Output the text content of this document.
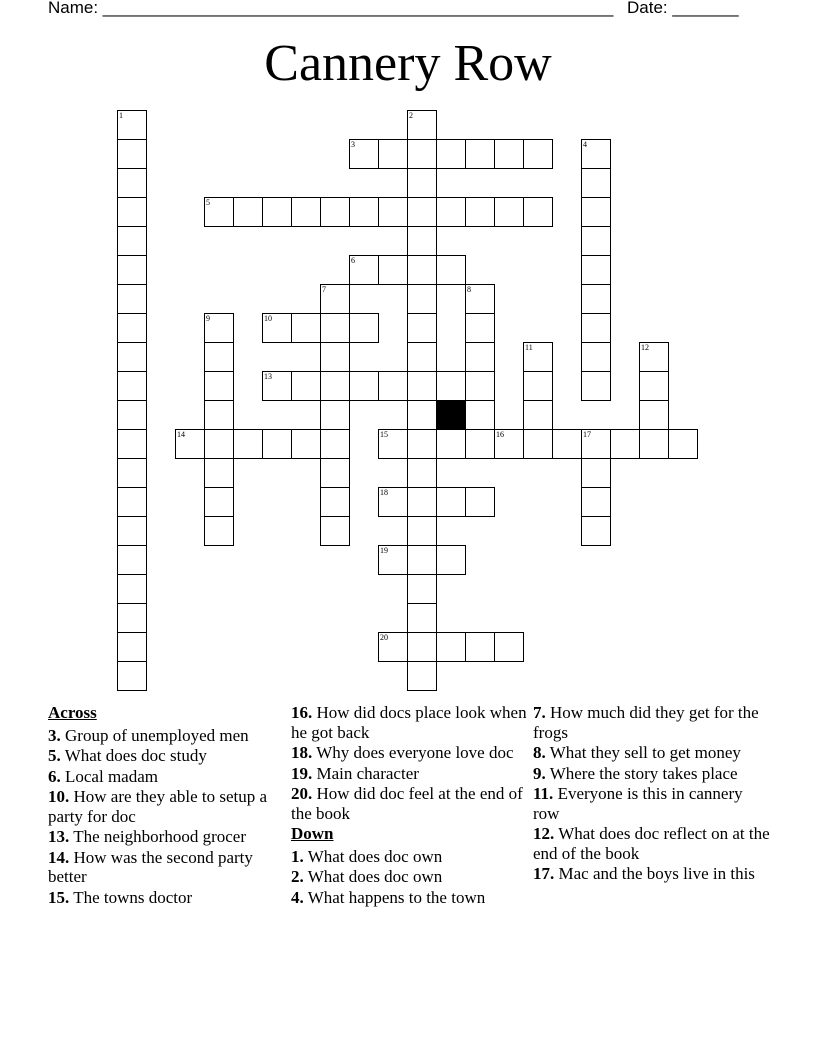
Name: ______________________________________________________ Date: _______
Cannery Row
1	2
3	4
5
6
7	8
9	10
11	12
13
14	15	16	17
18
19
20
Across
3. Group of unemployed men
5. What does doc study
6. Local madam
10. How are they able to setup a party for doc
13. The neighborhood grocer
14. How was the second party better
15. The towns doctor
16. How did docs place look when he got back
18. Why does everyone love doc
19. Main character
20. How did doc feel at the end of the book
Down
1. What does doc own
2. What does doc own
4. What happens to the town
7. How much did they get for the frogs
8. What they sell to get money
9. Where the story takes place
11. Everyone is this in cannery row
12. What does doc reflect on at the end of the book
17. Mac and the boys live in this
